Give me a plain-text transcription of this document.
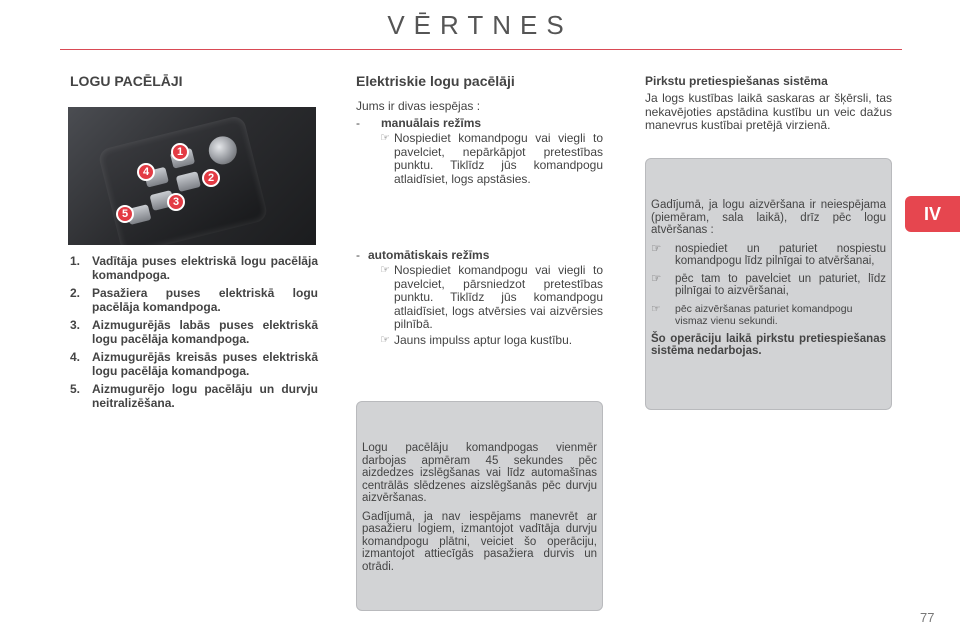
VĒRTNES
IV
LOGU PACĒLĀJI
1
2
3
4
5
1. Vadītāja puses elektriskā logu pacēlāja komandpoga.
2. Pasažiera puses elektriskā logu pacēlāja komandpoga.
3. Aizmugurējās labās puses elektriskā logu pacēlāja komandpoga.
4. Aizmugurējās kreisās puses elektriskā logu pacēlāja komandpoga.
5. Aizmugurējo logu pacēlāju un durvju neitralizēšana.
Elektriskie logu pacēlāji
Jums ir divas iespējas :
- manuālais režīms
☞ Nospiediet komandpogu vai viegli to pavelciet, nepārkāpjot pretestības punktu. Tiklīdz jūs komandpogu atlaidīsiet, logs apstāsies.
- automātiskais režīms
☞ Nospiediet komandpogu vai viegli to pavelciet, pārsniedzot pretestības punktu. Tiklīdz jūs komandpogu atlaidīsiet, logs atvērsies vai aizvērsies pilnībā.
☞ Jauns impulss aptur loga kustību.

Logu pacēlāju komandpogas vienmēr darbojas apmēram 45 sekundes pēc aizdedzes izslēgšanas vai līdz automašīnas centrālās slēdzenes aizslēgšanās pēc durvju aizvēršanas.

Gadījumā, ja nav iespējams manevrēt ar pasažieru logiem, izmantojot vadītāja durvju komandpogu plātni, veiciet šo operāciju, izmantojot attiecīgās pasažiera durvis un otrādi.

Pirkstu pretiespiešanas sistēma
Ja logs kustības laikā saskaras ar šķērsli, tas nekavējoties apstādina kustību un veic dažus manevrus kustībai pretējā virzienā.

Gadījumā, ja logu aizvēršana ir neiespējama (piemēram, sala laikā), drīz pēc logu atvēršanas :

☞	nospiediet un paturiet nospiestu komandpogu līdz pilnīgai to atvēršanai,
☞	pēc tam to pavelciet un paturiet, līdz pilnīgai to aizvēršanai,
☞	pēc aizvēršanas paturiet komandpogu vismaz vienu sekundi.

Šo operāciju laikā pirkstu pretiespiešanas sistēma nedarbojas.

77
